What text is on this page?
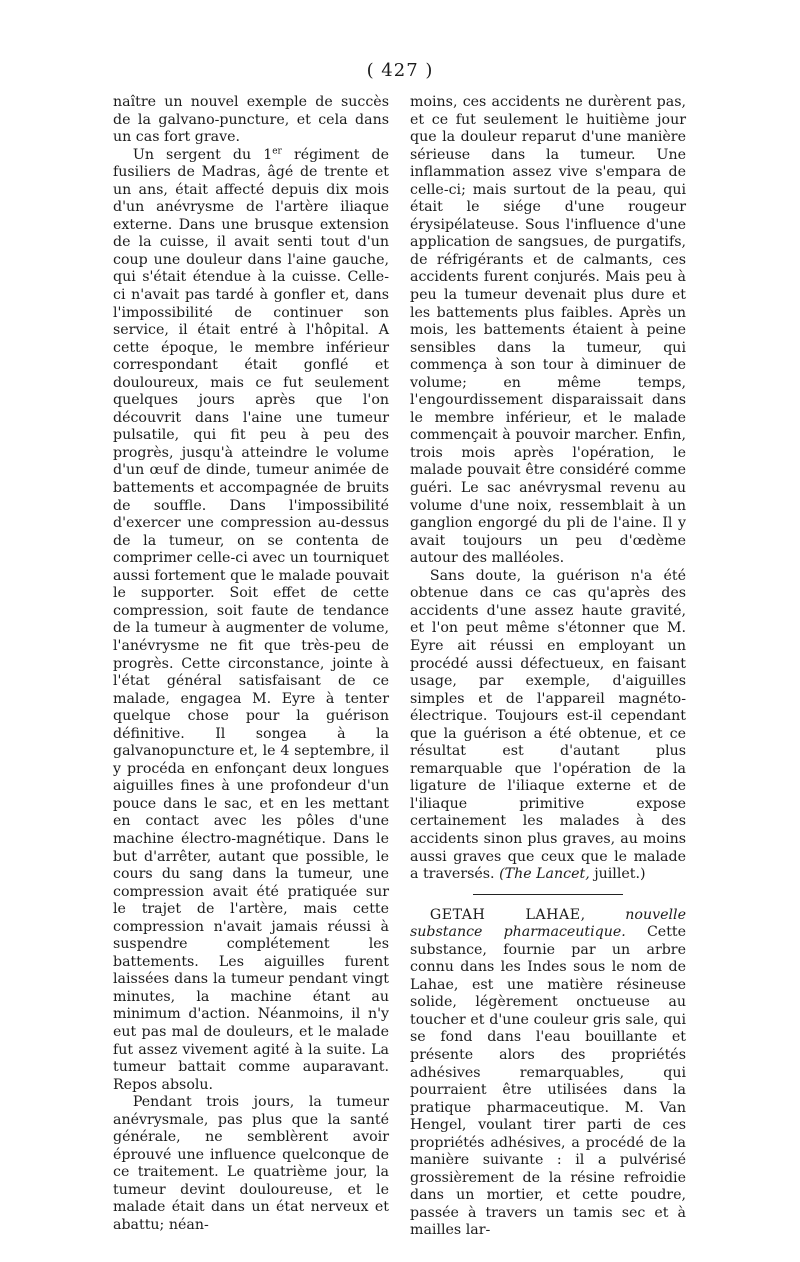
( 427 )

naître un nouvel exemple de succès de la galvano-puncture, et cela dans un cas fort grave.

Un sergent du 1er régiment de fusiliers de Madras, âgé de trente et un ans, était affecté depuis dix mois d'un anévrysme de l'artère iliaque externe. Dans une brusque extension de la cuisse, il avait senti tout d'un coup une douleur dans l'aine gauche, qui s'était étendue à la cuisse. Celle-ci n'avait pas tardé à gonfler et, dans l'impossibilité de continuer son service, il était entré à l'hôpital. A cette époque, le membre inférieur correspondant était gonflé et douloureux, mais ce fut seulement quelques jours après que l'on découvrit dans l'aine une tumeur pulsatile, qui fit peu à peu des progrès, jusqu'à atteindre le volume d'un œuf de dinde, tumeur animée de battements et accompagnée de bruits de souffle. Dans l'impossibilité d'exercer une compression au-dessus de la tumeur, on se contenta de comprimer celle-ci avec un tourniquet aussi fortement que le malade pouvait le supporter. Soit effet de cette compression, soit faute de tendance de la tumeur à augmenter de volume, l'anévrysme ne fit que très-peu de progrès. Cette circonstance, jointe à l'état général satisfaisant de ce malade, engagea M. Eyre à tenter quelque chose pour la guérison définitive. Il songea à la galvanopuncture et, le 4 septembre, il y procéda en enfonçant deux longues aiguilles fines à une profondeur d'un pouce dans le sac, et en les mettant en contact avec les pôles d'une machine électro-magnétique. Dans le but d'arrêter, autant que possible, le cours du sang dans la tumeur, une compression avait été pratiquée sur le trajet de l'artère, mais cette compression n'avait jamais réussi à suspendre complétement les battements. Les aiguilles furent laissées dans la tumeur pendant vingt minutes, la machine étant au minimum d'action. Néanmoins, il n'y eut pas mal de douleurs, et le malade fut assez vivement agité à la suite. La tumeur battait comme auparavant. Repos absolu.

Pendant trois jours, la tumeur anévrysmale, pas plus que la santé générale, ne semblèrent avoir éprouvé une influence quelconque de ce traitement. Le quatrième jour, la tumeur devint douloureuse, et le malade était dans un état nerveux et abattu; néan-

moins, ces accidents ne durèrent pas, et ce fut seulement le huitième jour que la douleur reparut d'une manière sérieuse dans la tumeur. Une inflammation assez vive s'empara de celle-ci; mais surtout de la peau, qui était le siége d'une rougeur érysipélateuse. Sous l'influence d'une application de sangsues, de purgatifs, de réfrigérants et de calmants, ces accidents furent conjurés. Mais peu à peu la tumeur devenait plus dure et les battements plus faibles. Après un mois, les battements étaient à peine sensibles dans la tumeur, qui commença à son tour à diminuer de volume; en même temps, l'engourdissement disparaissait dans le membre inférieur, et le malade commençait à pouvoir marcher. Enfin, trois mois après l'opération, le malade pouvait être considéré comme guéri. Le sac anévrysmal revenu au volume d'une noix, ressemblait à un ganglion engorgé du pli de l'aine. Il y avait toujours un peu d'œdème autour des malléoles.

Sans doute, la guérison n'a été obtenue dans ce cas qu'après des accidents d'une assez haute gravité, et l'on peut même s'étonner que M. Eyre ait réussi en employant un procédé aussi défectueux, en faisant usage, par exemple, d'aiguilles simples et de l'appareil magnéto-électrique. Toujours est-il cependant que la guérison a été obtenue, et ce résultat est d'autant plus remarquable que l'opération de la ligature de l'iliaque externe et de l'iliaque primitive expose certainement les malades à des accidents sinon plus graves, au moins aussi graves que ceux que le malade a traversés. (The Lancet, juillet.)

GETAH LAHAE, nouvelle substance pharmaceutique. Cette substance, fournie par un arbre connu dans les Indes sous le nom de Lahae, est une matière résineuse solide, légèrement onctueuse au toucher et d'une couleur gris sale, qui se fond dans l'eau bouillante et présente alors des propriétés adhésives remarquables, qui pourraient être utilisées dans la pratique pharmaceutique. M. Van Hengel, voulant tirer parti de ces propriétés adhésives, a procédé de la manière suivante : il a pulvérisé grossièrement de la résine refroidie dans un mortier, et cette poudre, passée à travers un tamis sec et à mailles lar-
